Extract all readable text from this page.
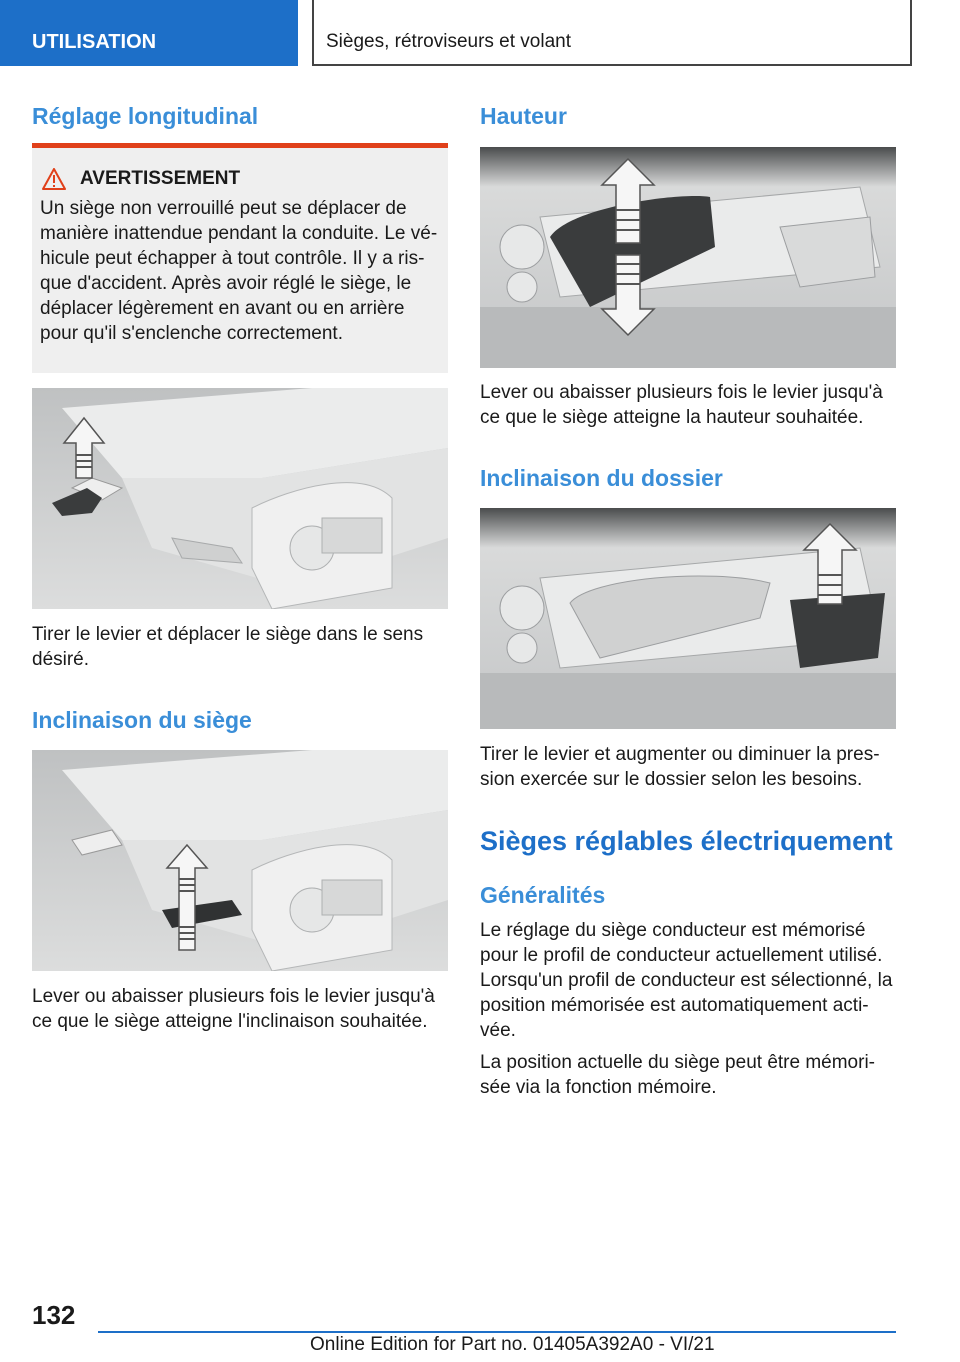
UTILISATION	Sièges, rétroviseurs et volant
Réglage longitudinal
AVERTISSEMENT
Un siège non verrouillé peut se déplacer de manière inattendue pendant la conduite. Le vé-hicule peut échapper à tout contrôle. Il y a ris-que d'accident. Après avoir réglé le siège, le déplacer légèrement en avant ou en arrière pour qu'il s'enclenche correctement.

Tirer le levier et déplacer le siège dans le sens désiré.

Inclinaison du siège

Lever ou abaisser plusieurs fois le levier jusqu'à ce que le siège atteigne l'inclinaison souhaitée.

Hauteur

Lever ou abaisser plusieurs fois le levier jusqu'à ce que le siège atteigne la hauteur souhaitée.

Inclinaison du dossier

Tirer le levier et augmenter ou diminuer la pres-sion exercée sur le dossier selon les besoins.

Sièges réglables électriquement
Généralités

Le réglage du siège conducteur est mémorisé pour le profil de conducteur actuellement utilisé. Lorsqu'un profil de conducteur est sélectionné, la position mémorisée est automatiquement acti-vée.

La position actuelle du siège peut être mémori-sée via la fonction mémoire.

132
Online Edition for Part no. 01405A392A0 - VI/21
